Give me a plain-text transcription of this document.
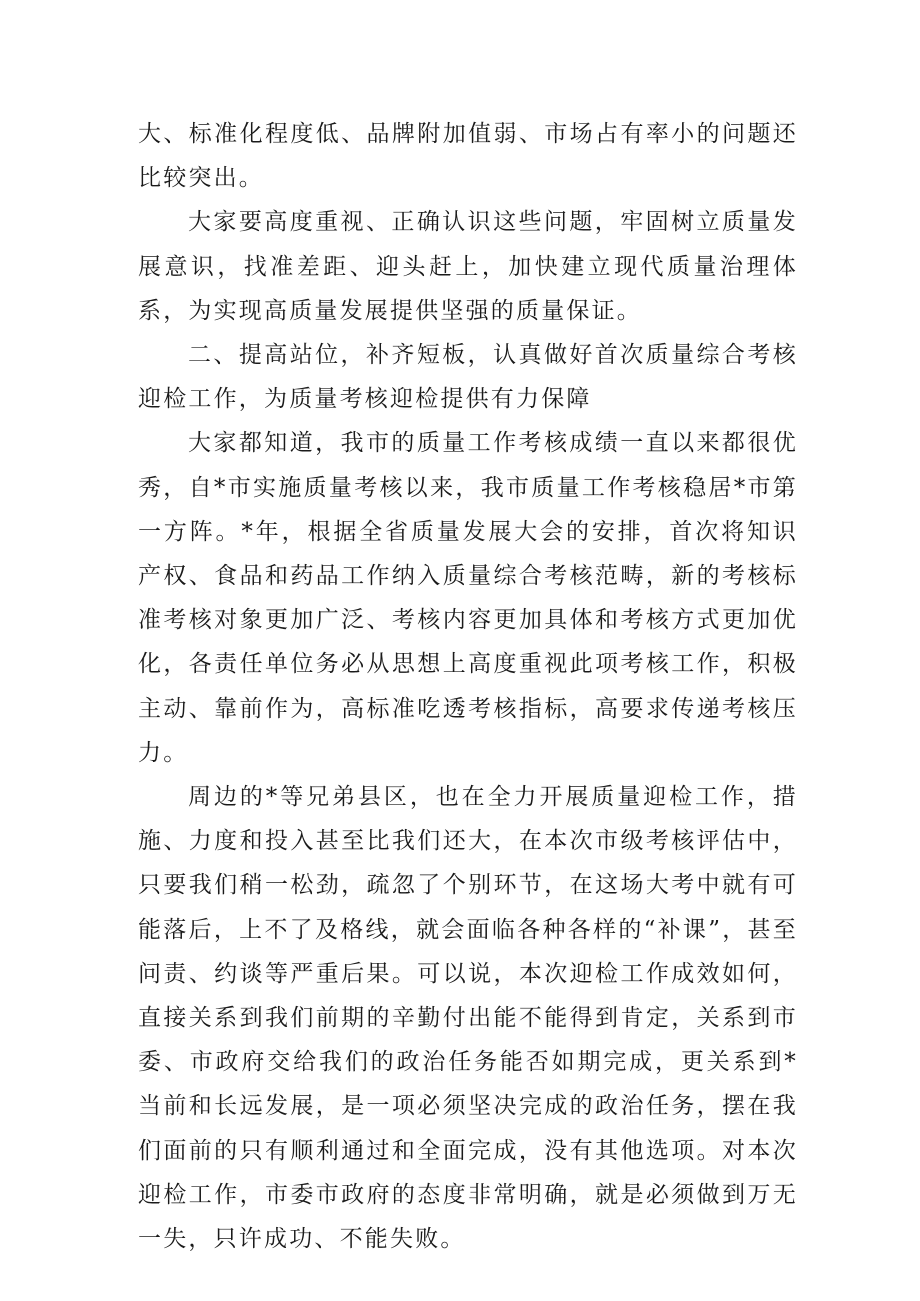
大、标准化程度低、品牌附加值弱、市场占有率小的问题还比较突出。

大家要高度重视、正确认识这些问题，牢固树立质量发展意识，找准差距、迎头赶上，加快建立现代质量治理体系，为实现高质量发展提供坚强的质量保证。

二、提高站位，补齐短板，认真做好首次质量综合考核迎检工作，为质量考核迎检提供有力保障

大家都知道，我市的质量工作考核成绩一直以来都很优秀，自*市实施质量考核以来，我市质量工作考核稳居*市第一方阵。*年，根据全省质量发展大会的安排，首次将知识产权、食品和药品工作纳入质量综合考核范畴，新的考核标准考核对象更加广泛、考核内容更加具体和考核方式更加优化，各责任单位务必从思想上高度重视此项考核工作，积极主动、靠前作为，高标准吃透考核指标，高要求传递考核压力。

周边的*等兄弟县区，也在全力开展质量迎检工作，措施、力度和投入甚至比我们还大，在本次市级考核评估中，只要我们稍一松劲，疏忽了个别环节，在这场大考中就有可能落后，上不了及格线，就会面临各种各样的“补课”，甚至问责、约谈等严重后果。可以说，本次迎检工作成效如何，直接关系到我们前期的辛勤付出能不能得到肯定，关系到市委、市政府交给我们的政治任务能否如期完成，更关系到*当前和长远发展，是一项必须坚决完成的政治任务，摆在我们面前的只有顺利通过和全面完成，没有其他选项。对本次迎检工作，市委市政府的态度非常明确，就是必须做到万无一失，只许成功、不能失败。
